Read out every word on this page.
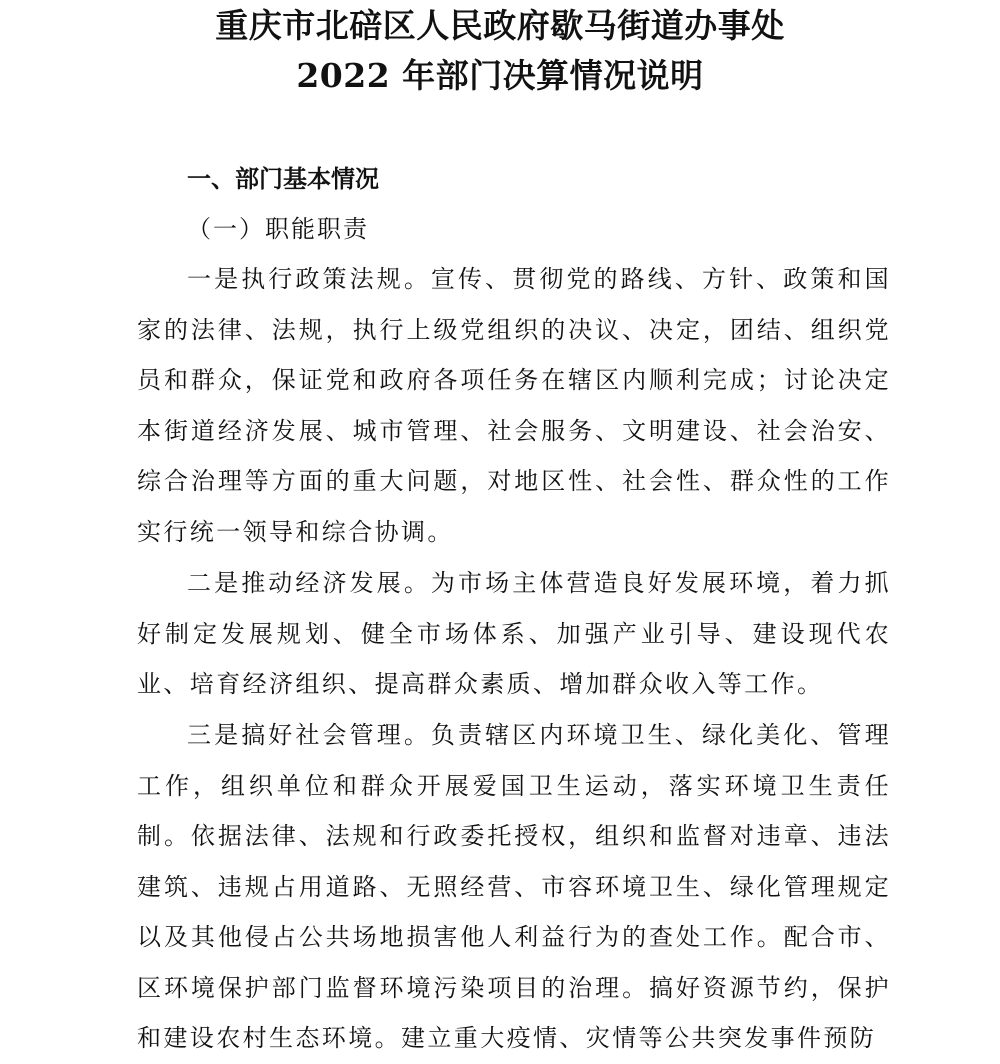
重庆市北碚区人民政府歇马街道办事处
2022 年部门决算情况说明
一、部门基本情况
（一）职能职责

一是执行政策法规。宣传、贯彻党的路线、方针、政策和国家的法律、法规，执行上级党组织的决议、决定，团结、组织党员和群众，保证党和政府各项任务在辖区内顺利完成；讨论决定本街道经济发展、城市管理、社会服务、文明建设、社会治安、综合治理等方面的重大问题，对地区性、社会性、群众性的工作实行统一领导和综合协调。

二是推动经济发展。为市场主体营造良好发展环境，着力抓好制定发展规划、健全市场体系、加强产业引导、建设现代农业、培育经济组织、提高群众素质、增加群众收入等工作。

三是搞好社会管理。负责辖区内环境卫生、绿化美化、管理工作，组织单位和群众开展爱国卫生运动，落实环境卫生责任制。依据法律、法规和行政委托授权，组织和监督对违章、违法建筑、违规占用道路、无照经营、市容环境卫生、绿化管理规定以及其他侵占公共场地损害他人利益行为的查处工作。配合市、区环境保护部门监督环境污染项目的治理。搞好资源节约，保护和建设农村生态环境。建立重大疫情、灾情等公共突发事件预防
